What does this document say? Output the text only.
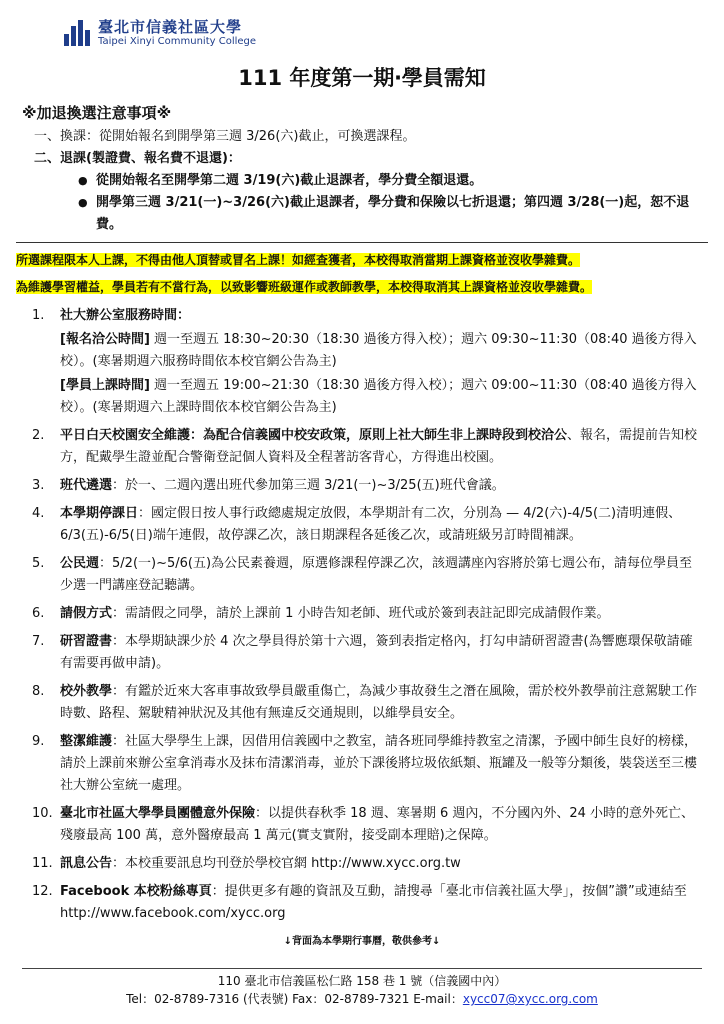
臺北市信義社區大學
Taipei Xinyi Community College
111 年度第一期‧學員需知
※加退換選注意事項※
一、換課：從開始報名到開學第三週 3/26(六)截止，可換選課程。
二、退課(製證費、報名費不退還)：
● 從開始報名至開學第二週 3/19(六)截止退課者，學分費全額退還。
● 開學第三週 3/21(一)~3/26(六)截止退課者，學分費和保險以七折退還；第四週 3/28(一)起，恕不退費。
所選課程限本人上課，不得由他人頂替或冒名上課！如經查獲者，本校得取消當期上課資格並沒收學雜費。
為維護學習權益，學員若有不當行為，以致影響班級運作或教師教學，本校得取消其上課資格並沒收學雜費。
1. 社大辦公室服務時間：
[報名洽公時間] 週一至週五 18:30~20:30（18:30 過後方得入校）；週六 09:30~11:30（08:40 過後方得入校）。(寒暑期週六服務時間依本校官網公告為主)
[學員上課時間] 週一至週五 19:00~21:30（18:30 過後方得入校）；週六 09:00~11:30（08:40 過後方得入校）。(寒暑期週六上課時間依本校官網公告為主)
2. 平日白天校園安全維護：為配合信義國中校安政策，原則上社大師生非上課時段到校洽公、報名，需提前告知校方，配戴學生證並配合警衛登記個人資料及全程著訪客背心，方得進出校園。
3. 班代遴選：於一、二週內選出班代參加第三週 3/21(一)~3/25(五)班代會議。
4. 本學期停課日：國定假日按人事行政總處規定放假，本學期計有二次，分別為 — 4/2(六)-4/5(二)清明連假、6/3(五)-6/5(日)端午連假，故停課乙次，該日期課程各延後乙次，或請班級另訂時間補課。
5. 公民週：5/2(一)~5/6(五)為公民素養週，原選修課程停課乙次，該週講座內容將於第七週公布，請每位學員至少選一門講座登記聽講。
6. 請假方式：需請假之同學，請於上課前 1 小時告知老師、班代或於簽到表註記即完成請假作業。
7. 研習證書：本學期缺課少於 4 次之學員得於第十六週，簽到表指定格內，打勾申請研習證書(為響應環保敬請確有需要再做申請)。
8. 校外教學：有鑑於近來大客車事故致學員嚴重傷亡，為減少事故發生之潛在風險，需於校外教學前注意駕駛工作時數、路程、駕駛精神狀況及其他有無違反交通規則，以維學員安全。
9. 整潔維護：社區大學學生上課，因借用信義國中之教室，請各班同學維持教室之清潔，予國中師生良好的榜樣，請於上課前來辦公室拿消毒水及抹布清潔消毒，並於下課後將垃圾依紙類、瓶罐及一般等分類後，裝袋送至三樓社大辦公室統一處理。
10. 臺北市社區大學學員團體意外保險：以提供春秋季 18 週、寒暑期 6 週內，不分國內外、24 小時的意外死亡、殘廢最高 100 萬，意外醫療最高 1 萬元(實支實附，接受副本理賠)之保障。
11. 訊息公告：本校重要訊息均刊登於學校官網 http://www.xycc.org.tw
12. Facebook 本校粉絲專頁：提供更多有趣的資訊及互動，請搜尋「臺北市信義社區大學」，按個”讚”或連結至 http://www.facebook.com/xycc.org
↓背面為本學期行事曆，敬供參考↓
110 臺北市信義區松仁路 158 巷 1 號（信義國中內）
Tel：02-8789-7316 (代表號) Fax：02-8789-7321 E-mail：xycc07@xycc.org.com
